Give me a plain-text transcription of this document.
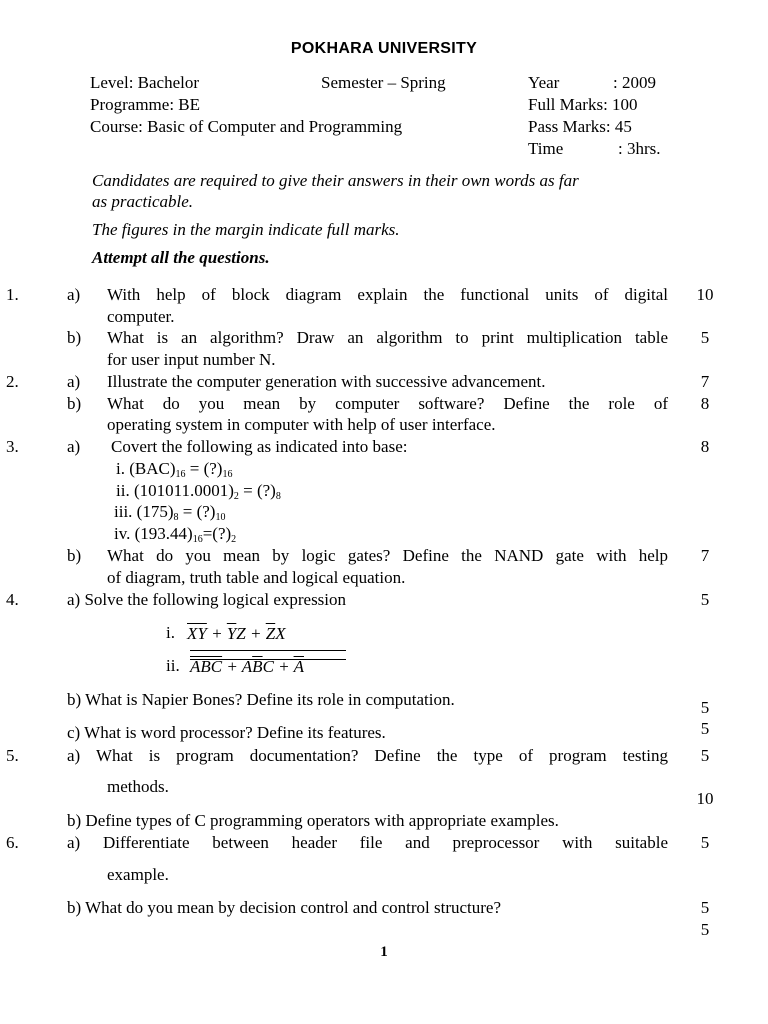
POKHARA UNIVERSITY
Level: Bachelor	Semester – Spring	Year	: 2009
Programme: BE	Full Marks: 100
Course: Basic of Computer and Programming	Pass Marks: 45
Time	: 3hrs.
Candidates are required to give their answers in their own words as far
as practicable.
The figures in the margin indicate full marks.
Attempt all the questions.
1.	a) With help of block diagram explain the functional units of digital
computer.
10
b) What is an algorithm? Draw an algorithm to print multiplication table
for user input number N.
5
2.	a) Illustrate the computer generation with successive advancement.	7
b) What do you mean by computer software? Define the role of
operating system in computer with help of user interface.
8
3.	a) Covert the following as indicated into base:	8
i. $(BAC)_{16}$ = $(?)_{16}$
ii. $(101011.0001)_2$ = $(?)_8$
iii. $(175)_8$ = $(?)_{10}$
iv. $(193.44)_{16}=(?)_2$
b) What do you mean by logic gates? Define the NAND gate with help
of diagram, truth table and logical equation.
7
4.	a) Solve the following logical expression	5
i. $\overline{XY} + \overline{Y}Z + \overline{Z}X$
ii. $\overline{ABC} + A\overline{B}C + \overline{A}$
b) What is Napier Bones? Define its role in computation.	5
c) What is word processor? Define its features.	5
5.	a) What is program documentation? Define the type of program testing
methods.
5
b) Define types of C programming operators with appropriate examples.
10
6.	a) Differentiate between header file and preprocessor with suitable
example.
5
b) What do you mean by decision control and control structure?	5
5
1
